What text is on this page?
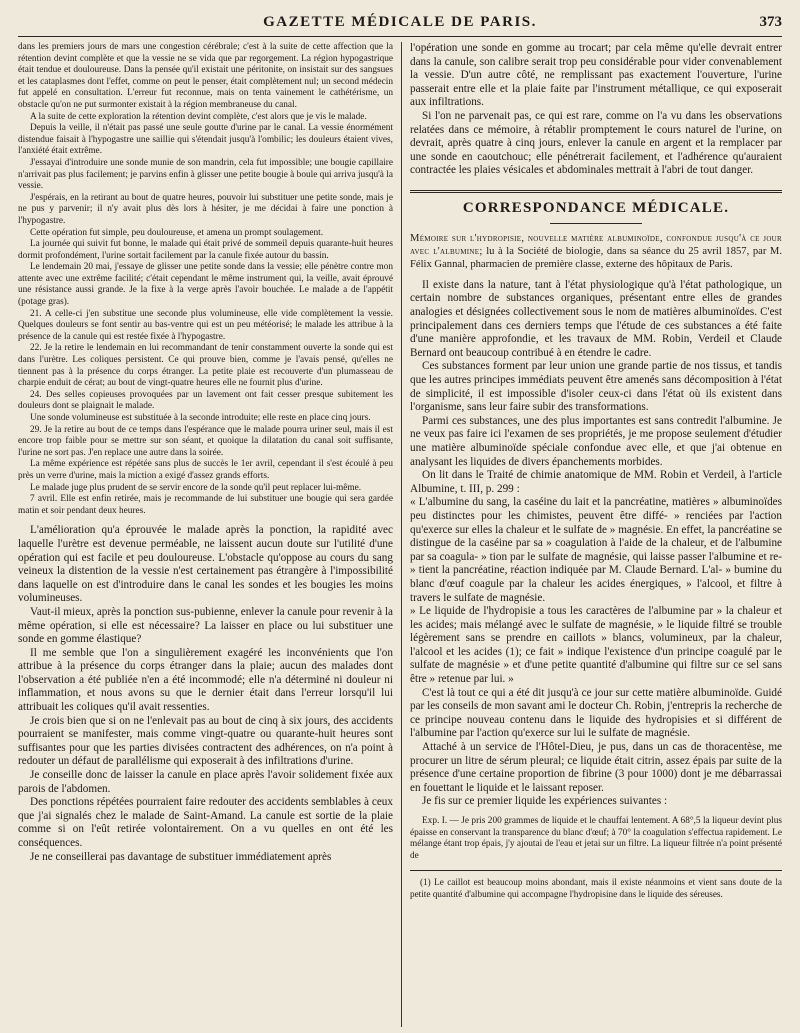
GAZETTE MÉDICALE DE PARIS.	373

dans les premiers jours de mars une congestion cérébrale; c'est à la suite de cette affection que la rétention devint complète et que la vessie ne se vida que par regorgement. La région hypogastrique était tendue et douloureuse. Dans la pensée qu'il existait une péritonite, on insistait sur des sangsues et les cataplasmes dont l'effet, comme on peut le penser, était complètement nul; un second médecin fut appelé en consultation. L'erreur fut reconnue, mais on tenta vainement le cathétérisme, un obstacle qu'on ne put surmonter existait à la région membraneuse du canal.

A la suite de cette exploration la rétention devint complète, c'est alors que je vis le malade.

Depuis la veille, il n'était pas passé une seule goutte d'urine par le canal. La vessie énormément distendue faisait à l'hypogastre une saillie qui s'étendait jusqu'à l'ombilic; les douleurs étaient vives, l'anxiété était extrême.

J'essayai d'introduire une sonde munie de son mandrin, cela fut impossible; une bougie capillaire n'arrivait pas plus facilement; je parvins enfin à glisser une petite bougie à boule qui arriva jusqu'à la vessie.

J'espérais, en la retirant au bout de quatre heures, pouvoir lui substituer une petite sonde, mais je ne pus y parvenir; il n'y avait plus dès lors à hésiter, je me décidai à faire une ponction à l'hypogastre.

Cette opération fut simple, peu douloureuse, et amena un prompt soulagement.

La journée qui suivit fut bonne, le malade qui était privé de sommeil depuis quarante-huit heures dormit profondément, l'urine sortait facilement par la canule fixée autour du bassin.

Le lendemain 20 mai, j'essaye de glisser une petite sonde dans la vessie; elle pénètre contre mon attente avec une extrême facilité; c'était cependant le même instrument qui, la veille, avait éprouvé une résistance aussi grande. Je la fixe à la verge après l'avoir bouchée. Le malade a de l'appétit (potage gras).

21. A celle-ci j'en substitue une seconde plus volumineuse, elle vide complètement la vessie. Quelques douleurs se font sentir au bas-ventre qui est un peu météorisé; le malade les attribue à la présence de la canule qui est restée fixée à l'hypogastre.

22. Je la retire le lendemain en lui recommandant de tenir constamment ouverte la sonde qui est dans l'urètre. Les coliques persistent. Ce qui prouve bien, comme je l'avais pensé, qu'elles ne tiennent pas à la présence du corps étranger. La petite plaie est recouverte d'un plumasseau de charpie enduit de cérat; au bout de vingt-quatre heures elle ne fournit plus d'urine.

24. Des selles copieuses provoquées par un lavement ont fait cesser presque subitement les douleurs dont se plaignait le malade.

Une sonde volumineuse est substituée à la seconde introduite; elle reste en place cinq jours.

29. Je la retire au bout de ce temps dans l'espérance que le malade pourra uriner seul, mais il est encore trop faible pour se mettre sur son séant, et quoique la dilatation du canal soit suffisante, l'urine ne sort pas. J'en replace une autre dans la soirée.

La même expérience est répétée sans plus de succès le 1er avril, cependant il s'est écoulé à peu près un verre d'urine, mais la miction a exigé d'assez grands efforts.

Le malade juge plus prudent de se servir encore de la sonde qu'il peut replacer lui-même.

7 avril. Elle est enfin retirée, mais je recommande de lui substituer une bougie qui sera gardée matin et soir pendant deux heures.

L'amélioration qu'a éprouvée le malade après la ponction, la rapidité avec laquelle l'urètre est devenue perméable, ne laissent aucun doute sur l'utilité d'une opération qui est facile et peu douloureuse. L'obstacle qu'oppose au cours du sang veineux la distention de la vessie n'est certainement pas étrangère à l'impossibilité dans laquelle on est d'introduire dans le canal les sondes et les bougies les moins volumineuses.

Vaut-il mieux, après la ponction sus-pubienne, enlever la canule pour revenir à la même opération, si elle est nécessaire? La laisser en place ou lui substituer une sonde en gomme élastique?

Il me semble que l'on a singulièrement exagéré les inconvénients que l'on attribue à la présence du corps étranger dans la plaie; aucun des malades dont l'observation a été publiée n'en a été incommodé; elle n'a déterminé ni douleur ni inflammation, et nous avons su que le dernier était dans l'erreur lorsqu'il lui attribuait les coliques qu'il avait ressenties.

Je crois bien que si on ne l'enlevait pas au bout de cinq à six jours, des accidents pourraient se manifester, mais comme vingt-quatre ou quarante-huit heures sont suffisantes pour que les parties divisées contractent des adhérences, on n'a point à redouter un défaut de parallélisme qui exposerait à des infiltrations d'urine.

Je conseille donc de laisser la canule en place après l'avoir solidement fixée aux parois de l'abdomen.

Des ponctions répétées pourraient faire redouter des accidents semblables à ceux que j'ai signalés chez le malade de Saint-Amand. La canule est sortie de la plaie comme si on l'eût retirée volontairement. On a vu quelles en ont été les conséquences.

Je ne conseillerai pas davantage de substituer immédiatement après

l'opération une sonde en gomme au trocart; par cela même qu'elle devrait entrer dans la canule, son calibre serait trop peu considérable pour vider convenablement la vessie. D'un autre côté, ne remplissant pas exactement l'ouverture, l'urine passerait entre elle et la plaie faite par l'instrument métallique, ce qui exposerait aux infiltrations.

Si l'on ne parvenait pas, ce qui est rare, comme on l'a vu dans les observations relatées dans ce mémoire, à rétablir promptement le cours naturel de l'urine, on devrait, après quatre à cinq jours, enlever la canule en argent et la remplacer par une sonde en caoutchouc; elle pénétrerait facilement, et l'adhérence qu'auraient contractée les plaies vésicales et abdominales mettrait à l'abri de tout danger.

CORRESPONDANCE MÉDICALE.
Mémoire sur l'hydropisie, nouvelle matière albuminoïde, confondue jusqu'à ce jour avec l'albumine; lu à la Société de biologie, dans sa séance du 25 avril 1857, par M. Félix Gannal, pharmacien de première classe, externe des hôpitaux de Paris.

Il existe dans la nature, tant à l'état physiologique qu'à l'état pathologique, un certain nombre de substances organiques, présentant entre elles de grandes analogies et désignées collectivement sous le nom de matières albuminoïdes. C'est principalement dans ces derniers temps que l'étude de ces substances a été faite d'une manière approfondie, et les travaux de MM. Robin, Verdeil et Claude Bernard ont beaucoup contribué à en étendre le cadre.

Ces substances forment par leur union une grande partie de nos tissus, et tandis que les autres principes immédiats peuvent être amenés sans décomposition à l'état de simplicité, il est impossible d'isoler ceux-ci dans l'état où ils existent dans l'organisme, sans leur faire subir des transformations.

Parmi ces substances, une des plus importantes est sans contredit l'albumine. Je ne veux pas faire ici l'examen de ses propriétés, je me propose seulement d'étudier une matière albuminoïde spéciale confondue avec elle, et que j'ai obtenue en analysant les liquides de divers épanchements morbides.

On lit dans le Traité de chimie anatomique de MM. Robin et Verdeil, à l'article Albumine, t. III, p. 299 :

« L'albumine du sang, la caséine du lait et la pancréatine, matières » albuminoïdes peu distinctes pour les chimistes, peuvent être diffé- » renciées par l'action qu'exerce sur elles la chaleur et le sulfate de » magnésie. En effet, la pancréatine se distingue de la caséine par sa » coagulation à l'aide de la chaleur, et de l'albumine par sa coagula- » tion par le sulfate de magnésie, qui laisse passer l'albumine et re- » tient la pancréatine, réaction indiquée par M. Claude Bernard. L'al- » bumine du blanc d'œuf coagule par la chaleur les acides énergiques, » l'alcool, et filtre à travers le sulfate de magnésie.

» Le liquide de l'hydropisie a tous les caractères de l'albumine par » la chaleur et les acides; mais mélangé avec le sulfate de magnésie, » le liquide filtré se trouble légèrement sans se prendre en caillots » blancs, volumineux, par la chaleur, l'alcool et les acides (1); ce fait » indique l'existence d'un principe coagulé par le sulfate de magnésie » et d'une petite quantité d'albumine qui filtre sur ce sel sans être » retenue par lui. »

C'est là tout ce qui a été dit jusqu'à ce jour sur cette matière albuminoïde. Guidé par les conseils de mon savant ami le docteur Ch. Robin, j'entrepris la recherche de ce principe nouveau contenu dans le liquide des hydropisies et si différent de l'albumine par l'action qu'exerce sur lui le sulfate de magnésie.

Attaché à un service de l'Hôtel-Dieu, je pus, dans un cas de thoracentèse, me procurer un litre de sérum pleural; ce liquide était citrin, assez épais par suite de la présence d'une certaine proportion de fibrine (3 pour 1000) dont je me débarrassai en fouettant le liquide et le laissant reposer.

Je fis sur ce premier liquide les expériences suivantes :

Exp. I. — Je pris 200 grammes de liquide et le chauffai lentement. A 68°,5 la liqueur devint plus épaisse en conservant la transparence du blanc d'œuf; à 70° la coagulation s'effectua rapidement. Le mélange étant trop épais, j'y ajoutai de l'eau et jetai sur un filtre. La liqueur filtrée n'a point présenté de

(1) Le caillot est beaucoup moins abondant, mais il existe néanmoins et vient sans doute de la petite quantité d'albumine qui accompagne l'hydropisine dans le liquide des séreuses.
